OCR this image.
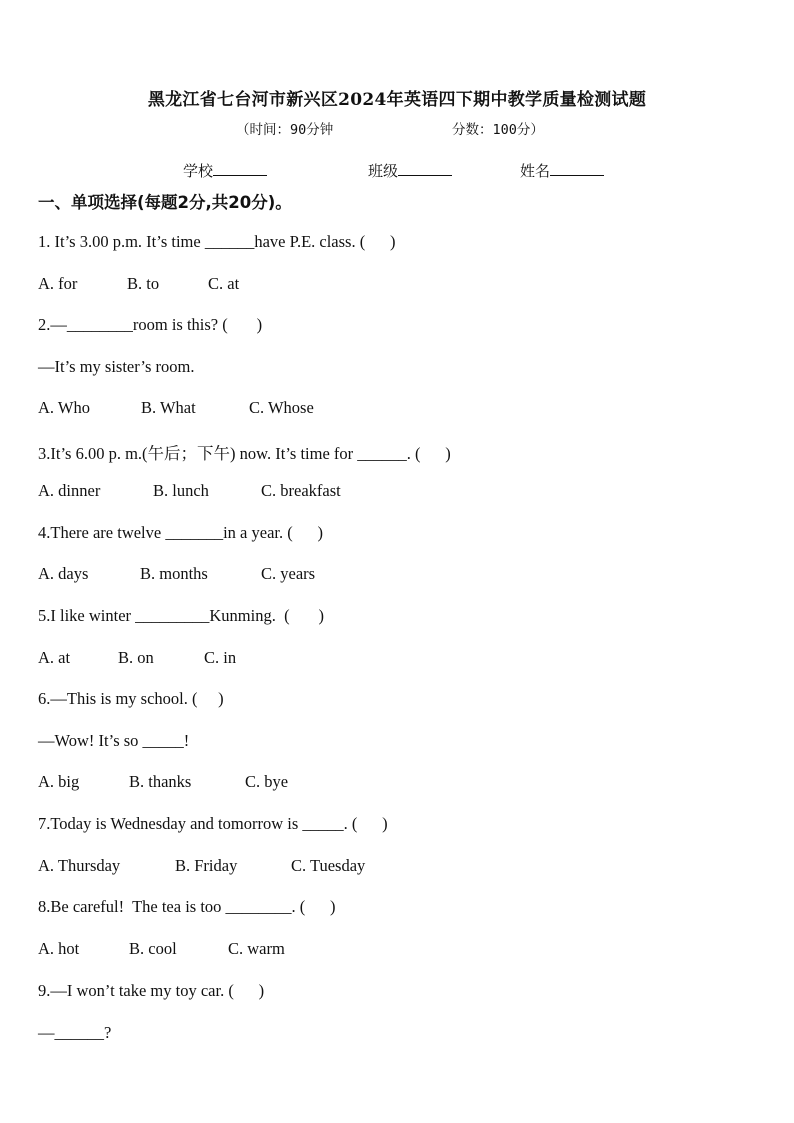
黑龙江省七台河市新兴区2024年英语四下期中教学质量检测试题
（时间：90分钟	分数：100分）
学校	班级	姓名
一、单项选择(每题2分,共20分)。
1. It’s 3.00 p.m. It’s time ______have P.E. class. (      )
A. for	B. to	C. at
2.—________room is this? (       )
—It’s my sister’s room.
A. Who	B. What	C. Whose
3.It’s 6.00 p. m.(午后；下午) now. It’s time for ______. (      )
A. dinner	B. lunch	C. breakfast
4.There are twelve _______in a year. (      )
A. days	B. months	C. years
5.I like winter _________Kunming.  (       )
A. at	B. on	C. in
6.—This is my school. (     )
—Wow! It’s so _____!
A. big	B. thanks	C. bye
7.Today is Wednesday and tomorrow is _____. (      )
A. Thursday	B. Friday	C. Tuesday
8.Be careful!  The tea is too ________. (      )
A. hot	B. cool	C. warm
9.—I won’t take my toy car. (      )
—______?
